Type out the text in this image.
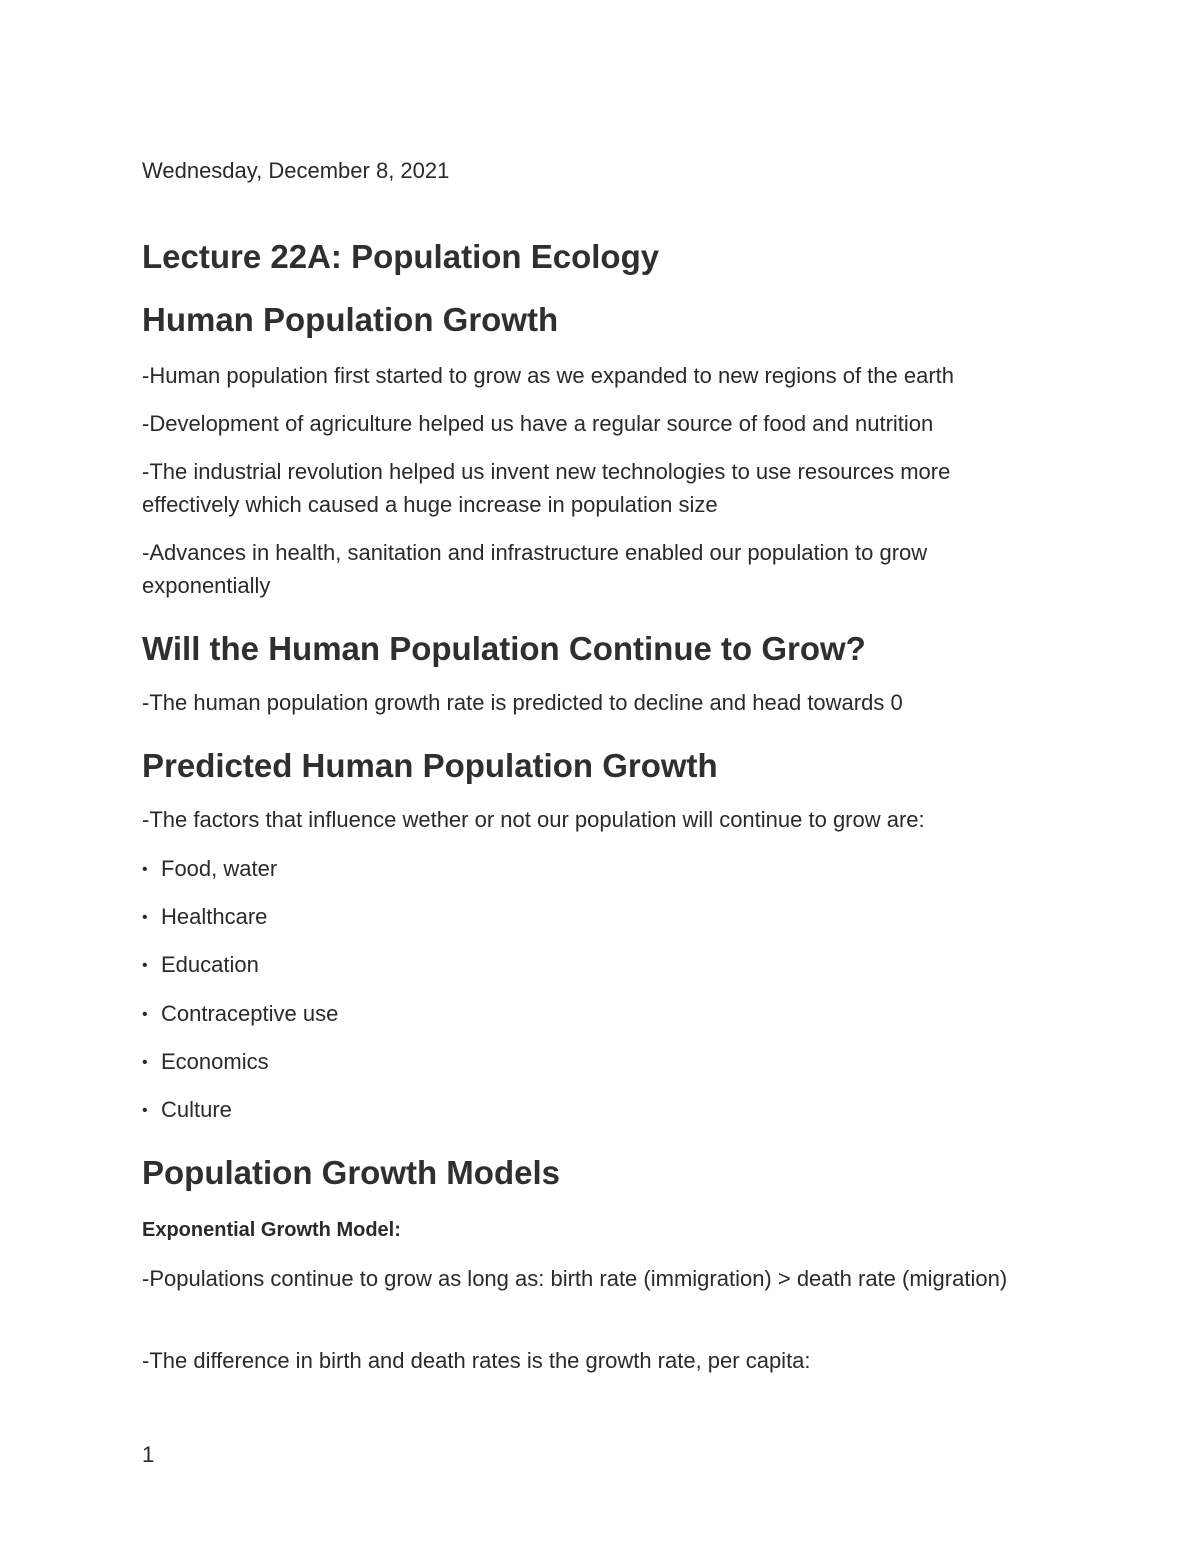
Wednesday, December 8, 2021
Lecture 22A: Population Ecology
Human Population Growth
-Human population first started to grow as we expanded to new regions of the earth
-Development of agriculture helped us have a regular source of food and nutrition
-The industrial revolution helped us invent new technologies to use resources more effectively which caused a huge increase in population size
-Advances in health, sanitation and infrastructure enabled our population to grow exponentially
Will the Human Population Continue to Grow?
-The human population growth rate is predicted to decline and head towards 0
Predicted Human Population Growth
-The factors that influence wether or not our population will continue to grow are:
• Food, water
• Healthcare
• Education
• Contraceptive use
• Economics
• Culture
Population Growth Models
Exponential Growth Model:
-Populations continue to grow as long as: birth rate (immigration) > death rate (migration)
-The difference in birth and death rates is the growth rate, per capita:
1
